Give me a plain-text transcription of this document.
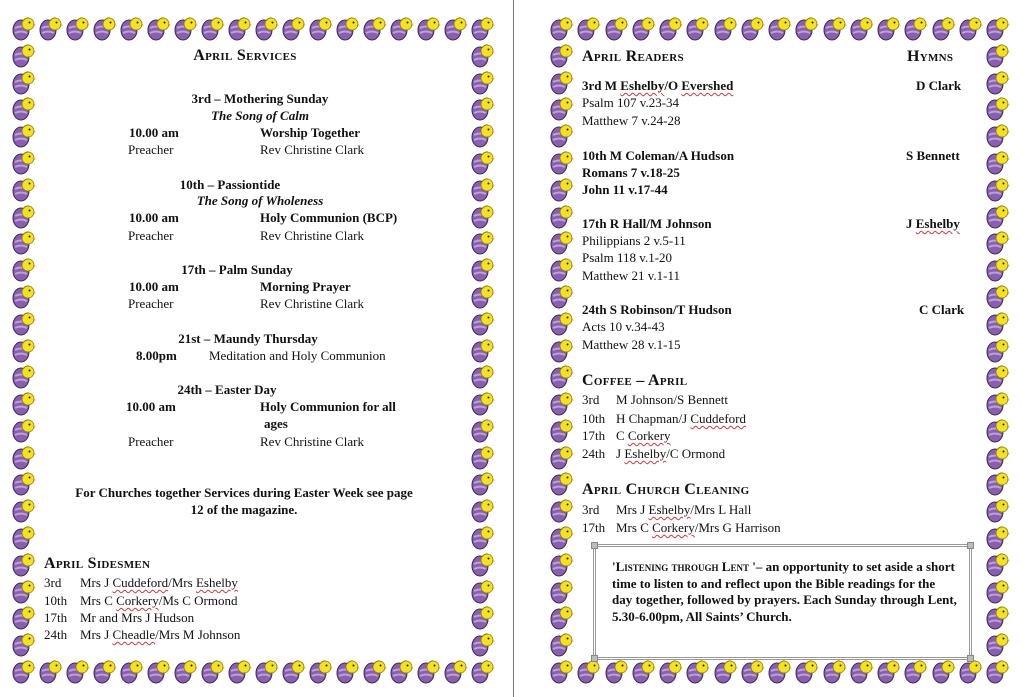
April Services
3rd – Mothering Sunday
The Song of Calm
10.00 am	Worship Together
Preacher	Rev Christine Clark
10th – Passiontide
The Song of Wholeness
10.00 am	Holy Communion (BCP)
Preacher	Rev Christine Clark
17th – Palm Sunday
10.00 am	Morning Prayer
Preacher	Rev Christine Clark
21st – Maundy Thursday
8.00pm Meditation and Holy Communion
24th – Easter Day
10.00 am	Holy Communion for all
ages
Preacher	Rev Christine Clark
For Churches together Services during Easter Week see page
12 of the magazine.
April Sidesmen
3rd Mrs J Cuddeford/Mrs Eshelby
10th Mrs C Corkery/Ms C Ormond
17th Mr and Mrs J Hudson
24th Mrs J Cheadle/Mrs M Johnson
April Readers	Hymns
3rd M Eshelby/O Evershed	D Clark
Psalm 107 v.23-34
Matthew 7 v.24-28
10th M Coleman/A Hudson	S Bennett
Romans 7 v.18-25
John 11 v.17-44
17th R Hall/M Johnson	J Eshelby
Philippians 2 v.5-11
Psalm 118 v.1-20
Matthew 21 v.1-11
24th S Robinson/T Hudson	C Clark
Acts 10 v.34-43
Matthew 28 v.1-15
Coffee – April
3rd M Johnson/S Bennett
10th H Chapman/J Cuddeford
17th C Corkery
24th J Eshelby/C Ormond
April Church Cleaning
3rd Mrs J Eshelby/Mrs L Hall
17th Mrs C Corkery/Mrs G Harrison
'Listening through Lent '– an opportunity to set aside a short time to listen to and reflect upon the Bible readings for the day together, followed by prayers. Each Sunday through Lent, 5.30-6.00pm, All Saints’ Church.
